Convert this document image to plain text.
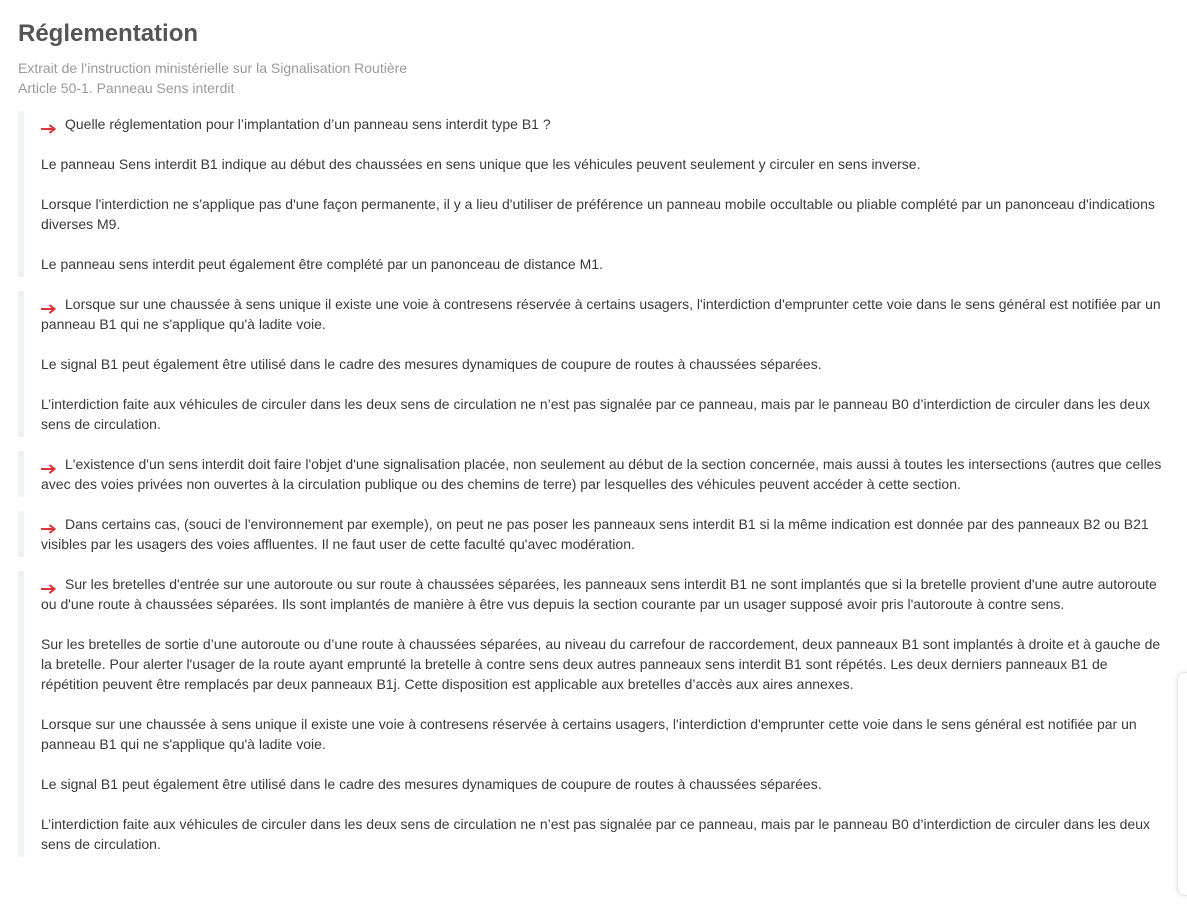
Réglementation
Extrait de l’instruction ministérielle sur la Signalisation Routière
Article 50-1. Panneau Sens interdit

Quelle réglementation pour l’implantation d’un panneau sens interdit type B1 ?

Le panneau Sens interdit B1 indique au début des chaussées en sens unique que les véhicules peuvent seulement y circuler en sens inverse.

Lorsque l'interdiction ne s'applique pas d'une façon permanente, il y a lieu d'utiliser de préférence un panneau mobile occultable ou pliable complété par un panonceau d'indications diverses M9.

Le panneau sens interdit peut également être complété par un panonceau de distance M1.

Lorsque sur une chaussée à sens unique il existe une voie à contresens réservée à certains usagers, l'interdiction d'emprunter cette voie dans le sens général est notifiée par un panneau B1 qui ne s'applique qu'à ladite voie.

Le signal B1 peut également être utilisé dans le cadre des mesures dynamiques de coupure de routes à chaussées séparées.

L’interdiction faite aux véhicules de circuler dans les deux sens de circulation ne n’est pas signalée par ce panneau, mais par le panneau B0 d’interdiction de circuler dans les deux sens de circulation.

L'existence d'un sens interdit doit faire l'objet d'une signalisation placée, non seulement au début de la section concernée, mais aussi à toutes les intersections (autres que celles avec des voies privées non ouvertes à la circulation publique ou des chemins de terre) par lesquelles des véhicules peuvent accéder à cette section.

Dans certains cas, (souci de l'environnement par exemple), on peut ne pas poser les panneaux sens interdit B1 si la même indication est donnée par des panneaux B2 ou B21 visibles par les usagers des voies affluentes. Il ne faut user de cette faculté qu'avec modération.

Sur les bretelles d'entrée sur une autoroute ou sur route à chaussées séparées, les panneaux sens interdit B1 ne sont implantés que si la bretelle provient d'une autre autoroute ou d'une route à chaussées séparées. Ils sont implantés de manière à être vus depuis la section courante par un usager supposé avoir pris l'autoroute à contre sens.

Sur les bretelles de sortie d’une autoroute ou d’une route à chaussées séparées, au niveau du carrefour de raccordement, deux panneaux B1 sont implantés à droite et à gauche de la bretelle. Pour alerter l'usager de la route ayant emprunté la bretelle à contre sens deux autres panneaux sens interdit B1 sont répétés. Les deux derniers panneaux B1 de répétition peuvent être remplacés par deux panneaux B1j. Cette disposition est applicable aux bretelles d’accès aux aires annexes.

Lorsque sur une chaussée à sens unique il existe une voie à contresens réservée à certains usagers, l'interdiction d'emprunter cette voie dans le sens général est notifiée par un panneau B1 qui ne s'applique qu'à ladite voie.

Le signal B1 peut également être utilisé dans le cadre des mesures dynamiques de coupure de routes à chaussées séparées.

L’interdiction faite aux véhicules de circuler dans les deux sens de circulation ne n’est pas signalée par ce panneau, mais par le panneau B0 d’interdiction de circuler dans les deux sens de circulation.
